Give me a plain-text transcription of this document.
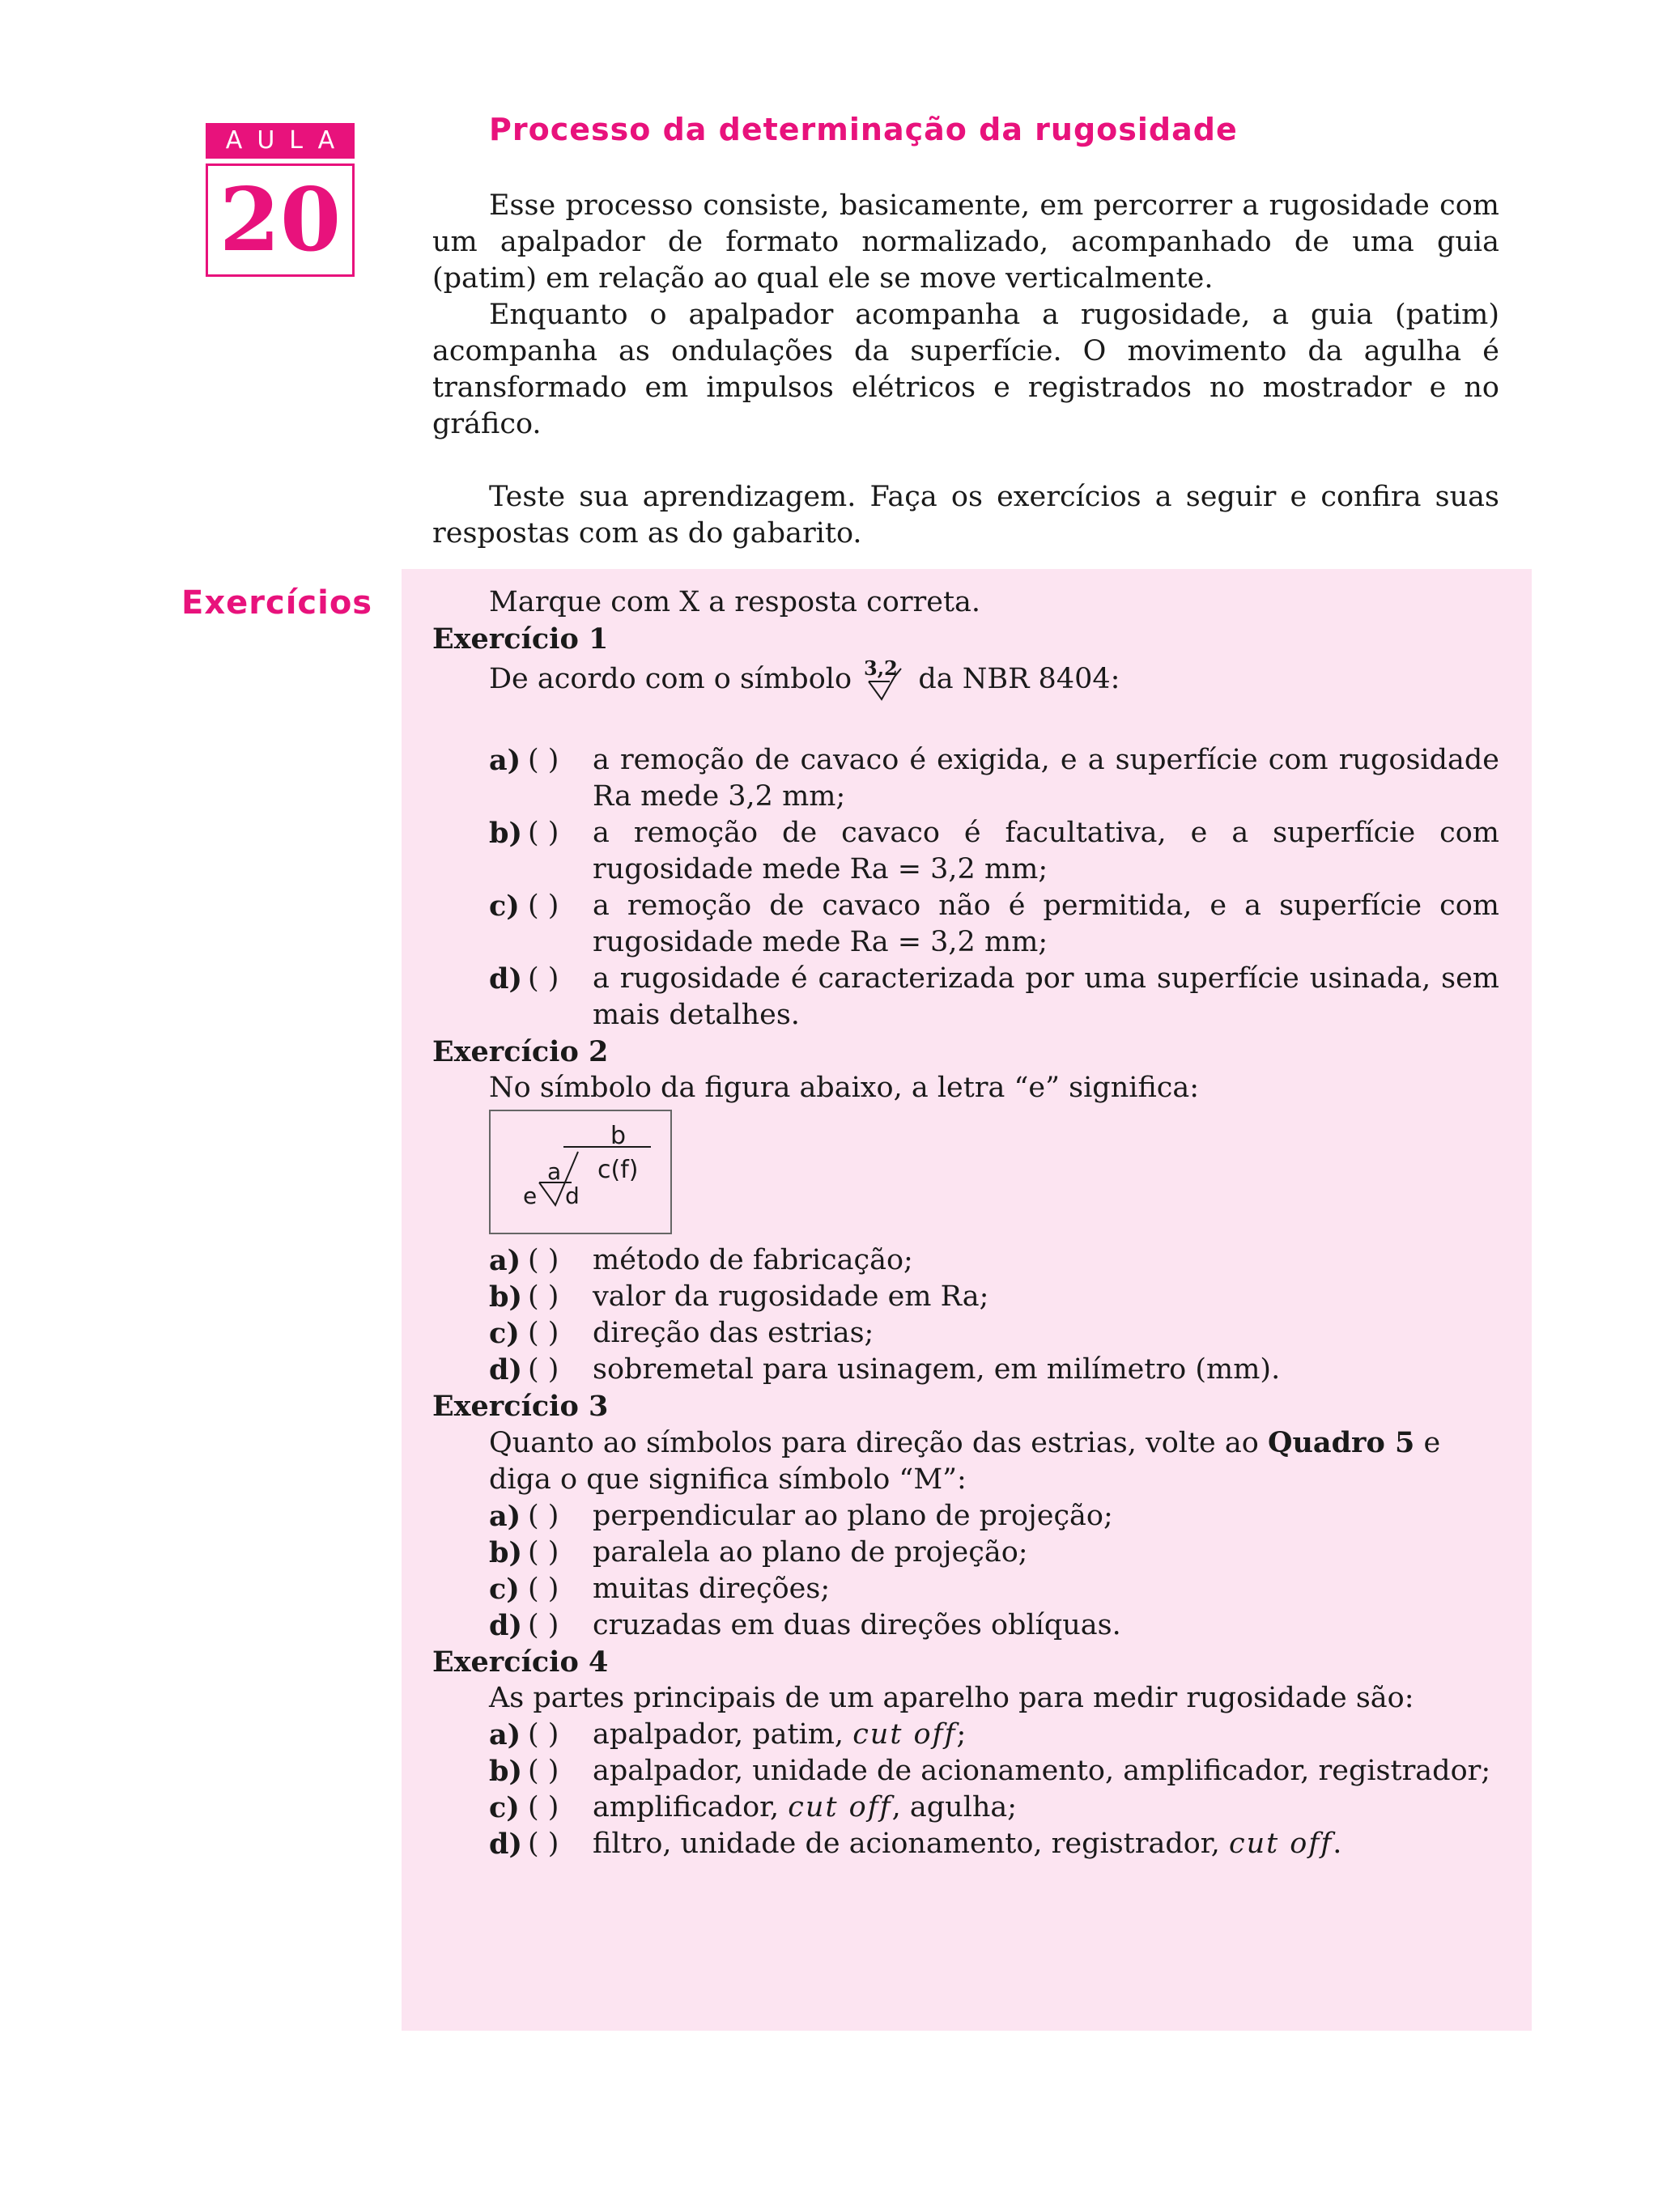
AULA
20
Processo da determinação da rugosidade

Esse processo consiste, basicamente, em percorrer a rugosidade com um apalpador de formato normalizado, acompanhado de uma guia (patim) em relação ao qual ele se move verticalmente.

Enquanto o apalpador acompanha a rugosidade, a guia (patim) acompanha as ondulações da superfície. O movimento da agulha é transformado em impulsos elétricos e registrados no mostrador e no gráfico.

Teste sua aprendizagem. Faça os exercícios a seguir e confira suas respostas com as do gabarito.

Exercícios	Marque com X a resposta correta.

Exercício 1

De acordo com o símbolo 3,2 da NBR 8404:

a) ( ) a remoção de cavaco é exigida, e a superfície com rugosidade Ra mede 3,2 mm;
b) ( ) a remoção de cavaco é facultativa, e a superfície com rugosidade mede Ra = 3,2 mm;
c) ( ) a remoção de cavaco não é permitida, e a superfície com rugosidade mede Ra = 3,2 mm;
d) ( ) a rugosidade é caracterizada por uma superfície usinada, sem mais detalhes.

Exercício 2

No símbolo da figura abaixo, a letra “e” significa:

b
a c(f)
e d
a) ( ) método de fabricação;
b) ( ) valor da rugosidade em Ra;
c) ( ) direção das estrias;
d) ( ) sobremetal para usinagem, em milímetro (mm).

Exercício 3

Quanto ao símbolos para direção das estrias, volte ao Quadro 5 e diga o que significa símbolo “M”:

a) ( ) perpendicular ao plano de projeção;
b) ( ) paralela ao plano de projeção;
c) ( ) muitas direções;
d) ( ) cruzadas em duas direções oblíquas.

Exercício 4

As partes principais de um aparelho para medir rugosidade são:

a) ( ) apalpador, patim, cut off;
b) ( ) apalpador, unidade de acionamento, amplificador, registrador;
c) ( ) amplificador, cut off, agulha;
d) ( ) filtro, unidade de acionamento, registrador, cut off.
